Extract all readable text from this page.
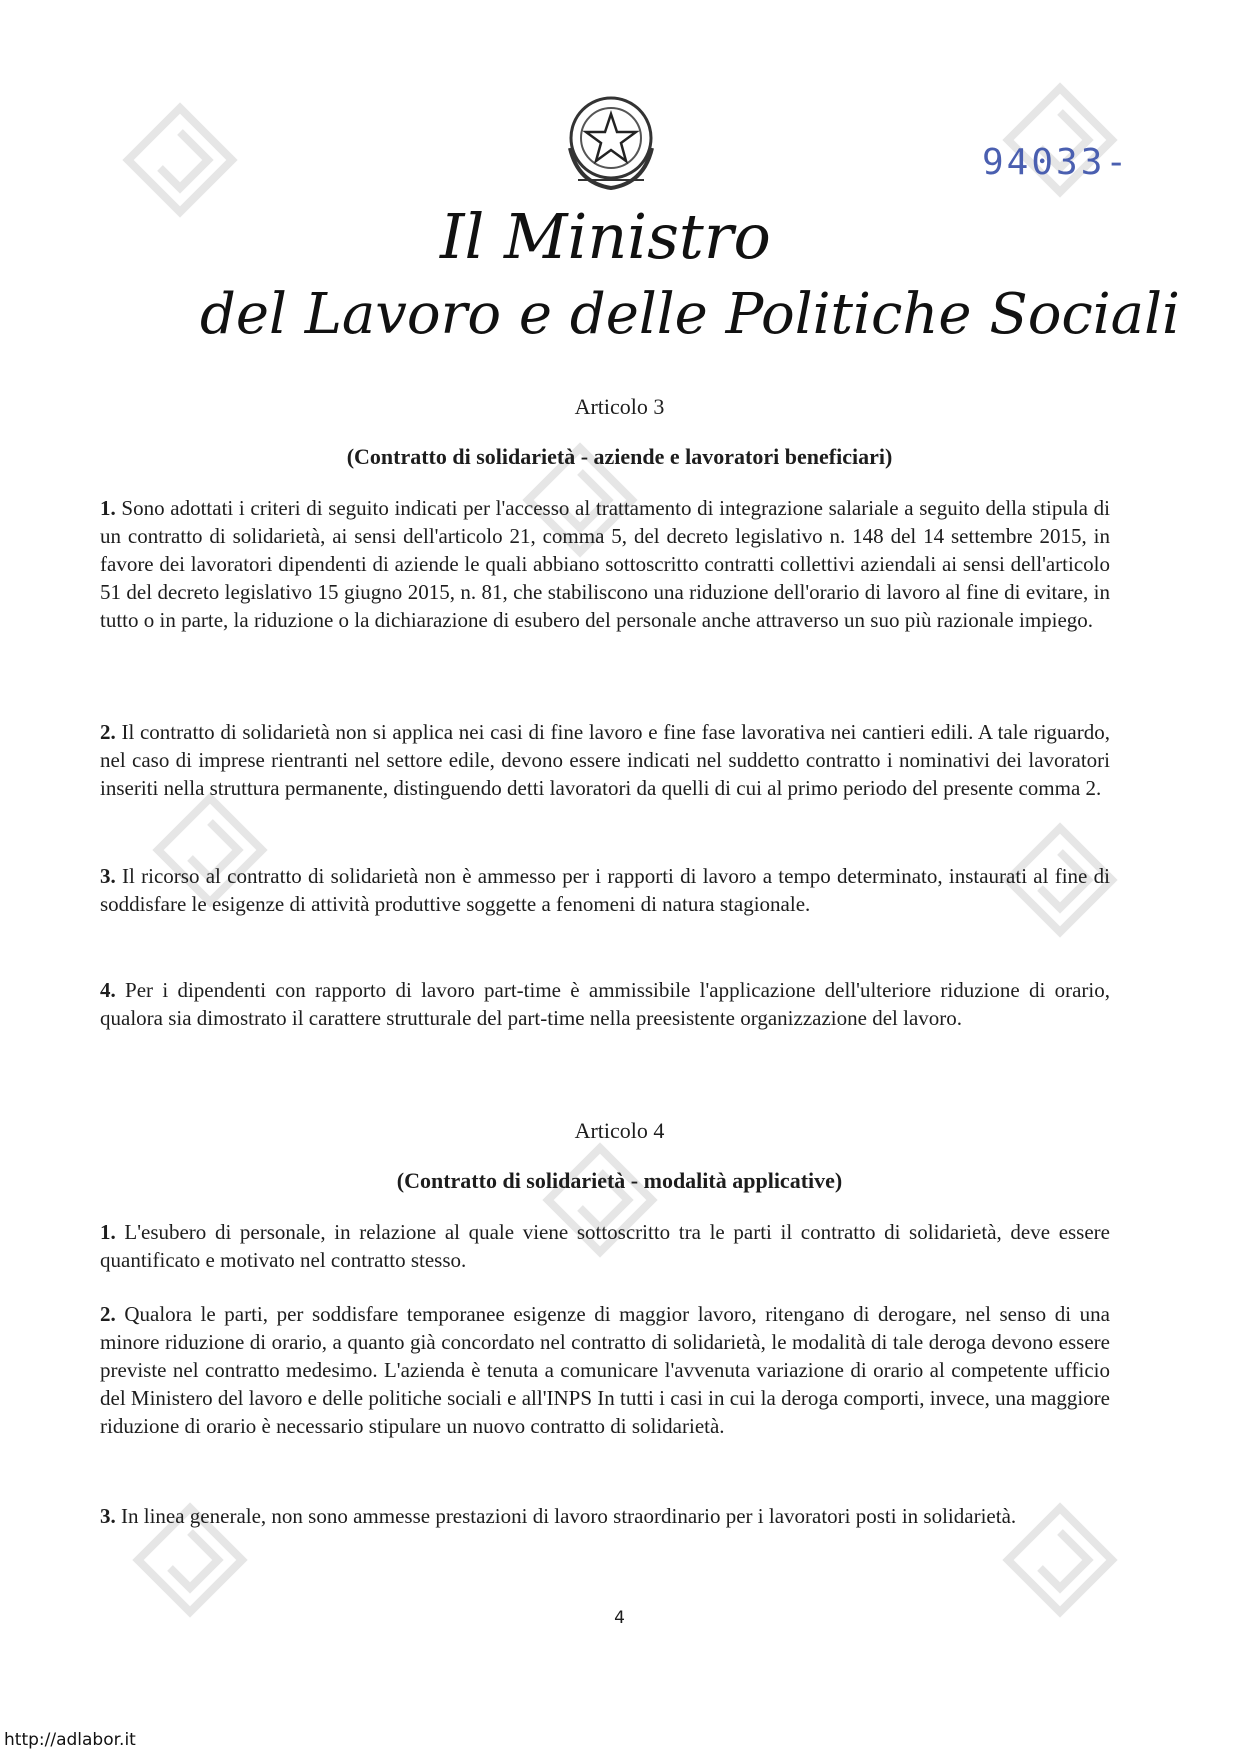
94033-
Il Ministro
del Lavoro e delle Politiche Sociali
Articolo 3
(Contratto di solidarietà - aziende e lavoratori beneficiari)

1. Sono adottati i criteri di seguito indicati per l'accesso al trattamento di integrazione salariale a seguito della stipula di un contratto di solidarietà, ai sensi dell'articolo 21, comma 5, del decreto legislativo n. 148 del 14 settembre 2015, in favore dei lavoratori dipendenti di aziende le quali abbiano sottoscritto contratti collettivi aziendali ai sensi dell'articolo 51 del decreto legislativo 15 giugno 2015, n. 81, che stabiliscono una riduzione dell'orario di lavoro al fine di evitare, in tutto o in parte, la riduzione o la dichiarazione di esubero del personale anche attraverso un suo più razionale impiego.

2. Il contratto di solidarietà non si applica nei casi di fine lavoro e fine fase lavorativa nei cantieri edili. A tale riguardo, nel caso di imprese rientranti nel settore edile, devono essere indicati nel suddetto contratto i nominativi dei lavoratori inseriti nella struttura permanente, distinguendo detti lavoratori da quelli di cui al primo periodo del presente comma 2.

3. Il ricorso al contratto di solidarietà non è ammesso per i rapporti di lavoro a tempo determinato, instaurati al fine di soddisfare le esigenze di attività produttive soggette a fenomeni di natura stagionale.

4. Per i dipendenti con rapporto di lavoro part-time è ammissibile l'applicazione dell'ulteriore riduzione di orario, qualora sia dimostrato il carattere strutturale del part-time nella preesistente organizzazione del lavoro.

Articolo 4
(Contratto di solidarietà - modalità applicative)

1. L'esubero di personale, in relazione al quale viene sottoscritto tra le parti il contratto di solidarietà, deve essere quantificato e motivato nel contratto stesso.

2. Qualora le parti, per soddisfare temporanee esigenze di maggior lavoro, ritengano di derogare, nel senso di una minore riduzione di orario, a quanto già concordato nel contratto di solidarietà, le modalità di tale deroga devono essere previste nel contratto medesimo. L'azienda è tenuta a comunicare l'avvenuta variazione di orario al competente ufficio del Ministero del lavoro e delle politiche sociali e all'INPS In tutti i casi in cui la deroga comporti, invece, una maggiore riduzione di orario è necessario stipulare un nuovo contratto di solidarietà.

3. In linea generale, non sono ammesse prestazioni di lavoro straordinario per i lavoratori posti in solidarietà.

4
http://adlabor.it
